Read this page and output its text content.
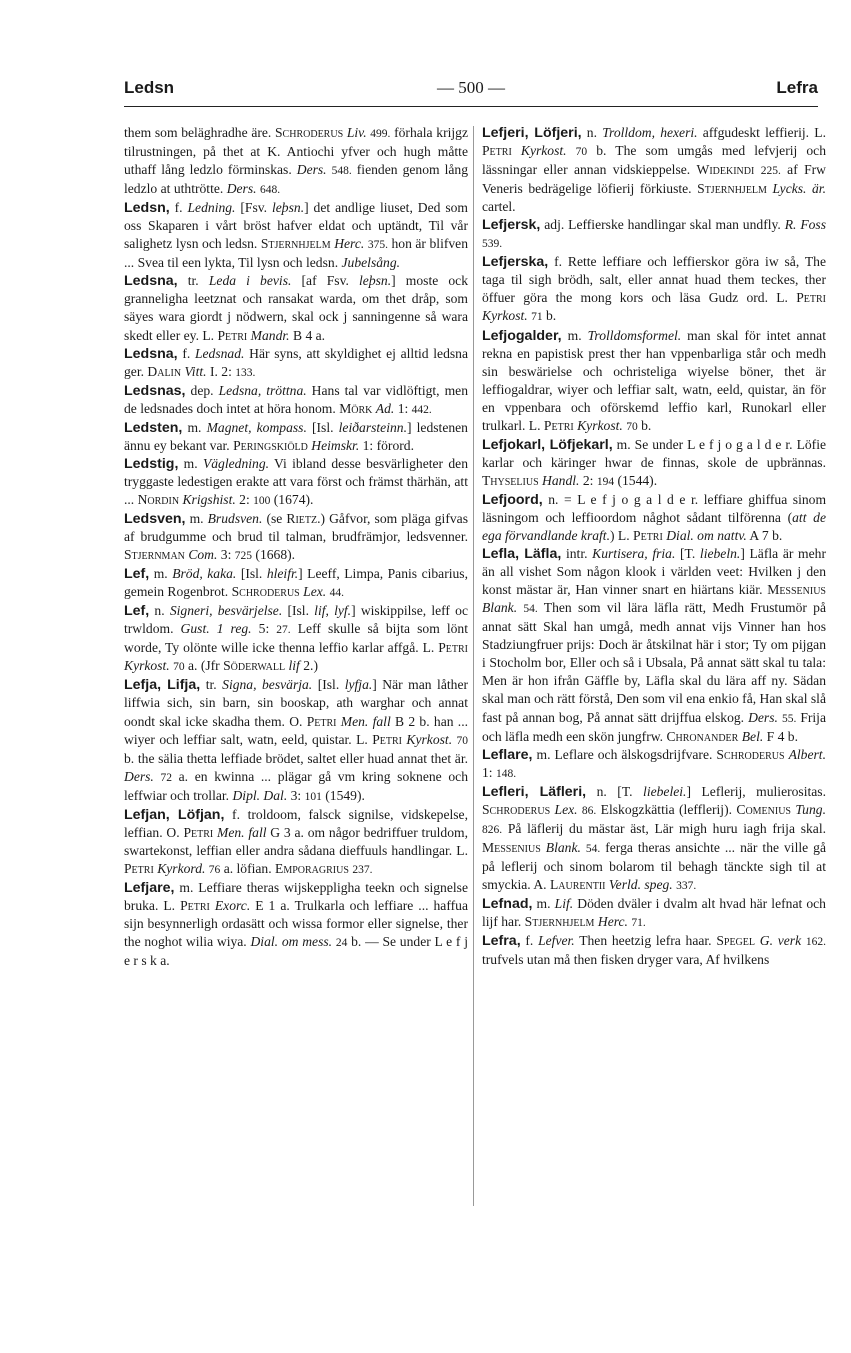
Ledsn	— 500 —	Lefra

them som beläghradhe äre. Schroderus Liv. 499. förhala krijgz tilrustningen, på thet at K. Antiochi yfver och hugh måtte uthaff lång ledzlo förminskas. Ders. 548. fienden genom lång ledzlo at uthtrötte. Ders. 648.

Ledsn, f. Ledning. [Fsv. leþsn.] det andlige liuset, Ded som oss Skaparen i vårt bröst hafver eldat och uptändt, Til vår salighetz lysn och ledsn. Stjernhjelm Herc. 375. hon är blifven ... Svea til een lykta, Til lysn och ledsn. Jubelsång.

Ledsna, tr. Leda i bevis. [af Fsv. leþsn.] moste ock granneligha leetznat och ransakat warda, om thet dråp, som säyes wara giordt j nödwern, skal ock j sanningenne så wara skedt eller ey. L. Petri Mandr. B 4 a.

Ledsna, f. Ledsnad. Här syns, att skyldighet ej alltid ledsna ger. Dalin Vitt. I. 2: 133.

Ledsnas, dep. Ledsna, tröttna. Hans tal var vidlöftigt, men de ledsnades doch intet at höra honom. Mörk Ad. 1: 442.

Ledsten, m. Magnet, kompass. [Isl. leiðarsteinn.] ledstenen ännu ey bekant var. Peringskiöld Heimskr. 1: förord.

Ledstig, m. Vägledning. Vi ibland desse besvärligheter den tryggaste ledestigen erakte att vara först och främst thärhän, att ... Nordin Krigshist. 2: 100 (1674).

Ledsven, m. Brudsven. (se Rietz.) Gåfvor, som pläga gifvas af brudgumme och brud til talman, brudfrämjor, ledsvenner. Stjernman Com. 3: 725 (1668).

Lef, m. Bröd, kaka. [Isl. hleifr.] Leeff, Limpa, Panis cibarius, gemein Rogenbrot. Schroderus Lex. 44.

Lef, n. Signeri, besvärjelse. [Isl. lif, lyf.] wiskippilse, leff oc trwldom. Gust. 1 reg. 5: 27. Leff skulle så bijta som lönt worde, Ty olönte wille icke thenna leffio karlar affgå. L. Petri Kyrkost. 70 a. (Jfr Söderwall lif 2.)

Lefja, Lifja, tr. Signa, besvärja. [Isl. lyfja.] När man låther liffwia sich, sin barn, sin booskap, ath warghar och annat oondt skal icke skadha them. O. Petri Men. fall B 2 b. han ... wiyer och leffiar salt, watn, eeld, quistar. L. Petri Kyrkost. 70 b. the sälia thetta leffiade brödet, saltet eller huad annat thet är. Ders. 72 a. en kwinna ... plägar gå vm kring soknene och leffwiar och trollar. Dipl. Dal. 3: 101 (1549).

Lefjan, Löfjan, f. troldoom, falsck signilse, vidskepelse, leffian. O. Petri Men. fall G 3 a. om någor bedriffuer truldom, swartekonst, leffian eller andra sådana dieffuuls handlingar. L. Petri Kyrkord. 76 a. löfian. Emporagrius 237.

Lefjare, m. Leffiare theras wijskeppligha teekn och signelse bruka. L. Petri Exorc. E 1 a. Trulkarla och leffiare ... haffua sijn besynnerligh ordasätt och wissa formor eller signelse, ther the noghot wilia wiya. Dial. om mess. 24 b. — Se under L e f j e r s k a.

Lefjeri, Löfjeri, n. Trolldom, hexeri. affgudeskt leffierij. L. Petri Kyrkost. 70 b. The som umgås med lefvjerij och lässningar eller annan vidskieppelse. Widekindi 225. af Frw Veneris bedrägelige löfierij förkiuste. Stjernhjelm Lycks. är. cartel.

Lefjersk, adj. Leffierske handlingar skal man undfly. R. Foss 539.

Lefjerska, f. Rette leffiare och leffierskor göra iw så, The taga til sigh brödh, salt, eller annat huad them teckes, ther öffuer göra the mong kors och läsa Gudz ord. L. Petri Kyrkost. 71 b.

Lefjogalder, m. Trolldomsformel. man skal för intet annat rekna en papistisk prest ther han vppenbarliga står och medh sin beswärielse och ochristeliga wiyelse böner, thet är leffiogaldrar, wiyer och leffiar salt, watn, eeld, quistar, än för en vppenbara och oförskemd leffio karl, Runokarl eller trulkarl. L. Petri Kyrkost. 70 b.

Lefjokarl, Löfjekarl, m. Se under L e f j o g a l d e r. Löfie karlar och käringer hwar de finnas, skole de upbrännas. Thyselius Handl. 2: 194 (1544).

Lefjoord, n. = L e f j o g a l d e r. leffiare ghiffua sinom läsningom och leffioordom någhot sådant tilförenna (att de ega förvandlande kraft.) L. Petri Dial. om nattv. A 7 b.

Lefla, Läfla, intr. Kurtisera, fria. [T. liebeln.] Läfla är mehr än all vishet Som någon klook i världen veet: Hvilken j den konst mästar är, Han vinner snart en hiärtans kiär. Messenius Blank. 54. Then som vil lära läfla rätt, Medh Frustumör på annat sätt Skal han umgå, medh annat vijs Vinner han hos Stadziungfruer prijs: Doch är åtskilnat här i stor; Ty om pijgan i Stocholm bor, Eller och så i Ubsala, På annat sätt skal tu tala: Men är hon ifrån Gäffle by, Läfla skal du lära aff ny. Sädan skal man och rätt förstå, Den som vil ena enkio få, Han skal slå fast på annan bog, På annat sätt drijffua elskog. Ders. 55. Frija och läfla medh een skön jungfrw. Chronander Bel. F 4 b.

Leflare, m. Leflare och älskogsdrijfvare. Schroderus Albert. 1: 148.

Lefleri, Läfleri, n. [T. liebelei.] Leflerij, mulierositas. Schroderus Lex. 86. Elskogzkättia (lefflerij). Comenius Tung. 826. På läflerij du mästar äst, Lär migh huru iagh frija skal. Messenius Blank. 54. ferga theras ansichte ... när the ville gå på leflerij och sinom bolarom til behagh tänckte sigh til at smyckia. A. Laurentii Verld. speg. 337.

Lefnad, m. Lif. Döden dväler i dvalm alt hvad här lefnat och lijf har. Stjernhjelm Herc. 71.

Lefra, f. Lefver. Then heetzig lefra haar. Spegel G. verk 162. trufvels utan må then fisken dryger vara, Af hvilkens
